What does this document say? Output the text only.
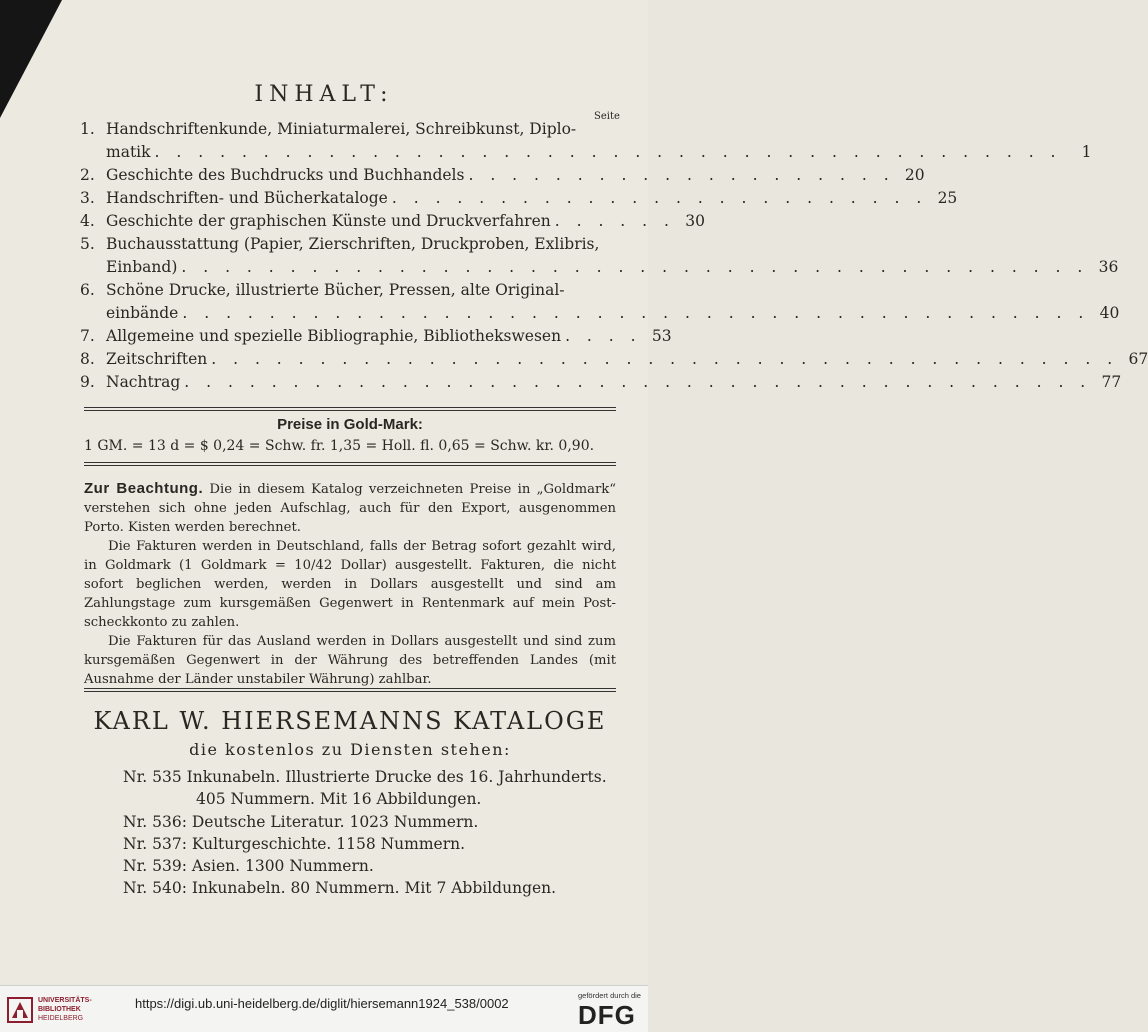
INHALT:
Seite
1. Handschriftenkunde, Miniaturmalerei, Schreibkunst, Diplo-
matik . . . . . . . . . . . . . . . . . . . . . . . . . . . . . . . . . . . . . . . . . .	1
2. Geschichte des Buchdrucks und Buchhandels . . . . . . . . . . . . . . . . . . . . 20
3. Handschriften- und Bücherkataloge . . . . . . . . . . . . . . . . . . . . . . . . . 25
4. Geschichte der graphischen Künste und Druckverfahren . . . . . . 30
5. Buchausstattung (Papier, Zierschriften, Druckproben, Exlibris,
Einband) . . . . . . . . . . . . . . . . . . . . . . . . . . . . . . . . . . . . . . . . . . 36
6. Schöne Drucke, illustrierte Bücher, Pressen, alte Original-
einbände . . . . . . . . . . . . . . . . . . . . . . . . . . . . . . . . . . . . . . . . . . 40
7. Allgemeine und spezielle Bibliographie, Bibliothekswesen . . . . 53
8. Zeitschriften . . . . . . . . . . . . . . . . . . . . . . . . . . . . . . . . . . . . . . . . . . 67
9. Nachtrag . . . . . . . . . . . . . . . . . . . . . . . . . . . . . . . . . . . . . . . . . . 77
Preise in Gold-Mark:
1 GM. = 13 d = $ 0,24 = Schw. fr. 1,35 = Holl. fl. 0,65 = Schw. kr. 0,90.

Zur Beachtung. Die in diesem Katalog verzeichneten Preise in „Goldmark“ verstehen sich ohne jeden Aufschlag, auch für den Export, ausgenommen Porto. Kisten werden berechnet.

Die Fakturen werden in Deutschland, falls der Betrag sofort gezahlt wird, in Goldmark (1 Goldmark = 10/42 Dollar) ausgestellt. Fakturen, die nicht sofort beglichen werden, werden in Dollars ausgestellt und sind am Zahlungstage zum kursgemäßen Gegenwert in Rentenmark auf mein Post-scheckkonto zu zahlen.

Die Fakturen für das Ausland werden in Dollars ausgestellt und sind zum kursgemäßen Gegenwert in der Währung des betreffenden Landes (mit Ausnahme der Länder unstabiler Währung) zahlbar.

KARL W. HIERSEMANNS KATALOGE
die kostenlos zu Diensten stehen:
Nr. 535 Inkunabeln. Illustrierte Drucke des 16. Jahrhunderts.
405 Nummern. Mit 16 Abbildungen.
Nr. 536: Deutsche Literatur. 1023 Nummern.
Nr. 537: Kulturgeschichte. 1158 Nummern.
Nr. 539: Asien. 1300 Nummern.
Nr. 540: Inkunabeln. 80 Nummern. Mit 7 Abbildungen.
UNIVERSITÄTS-
BIBLIOTHEK
HEIDELBERG
https://digi.ub.uni-heidelberg.de/diglit/hiersemann1924_538/0002
gefördert durch die
DFG
